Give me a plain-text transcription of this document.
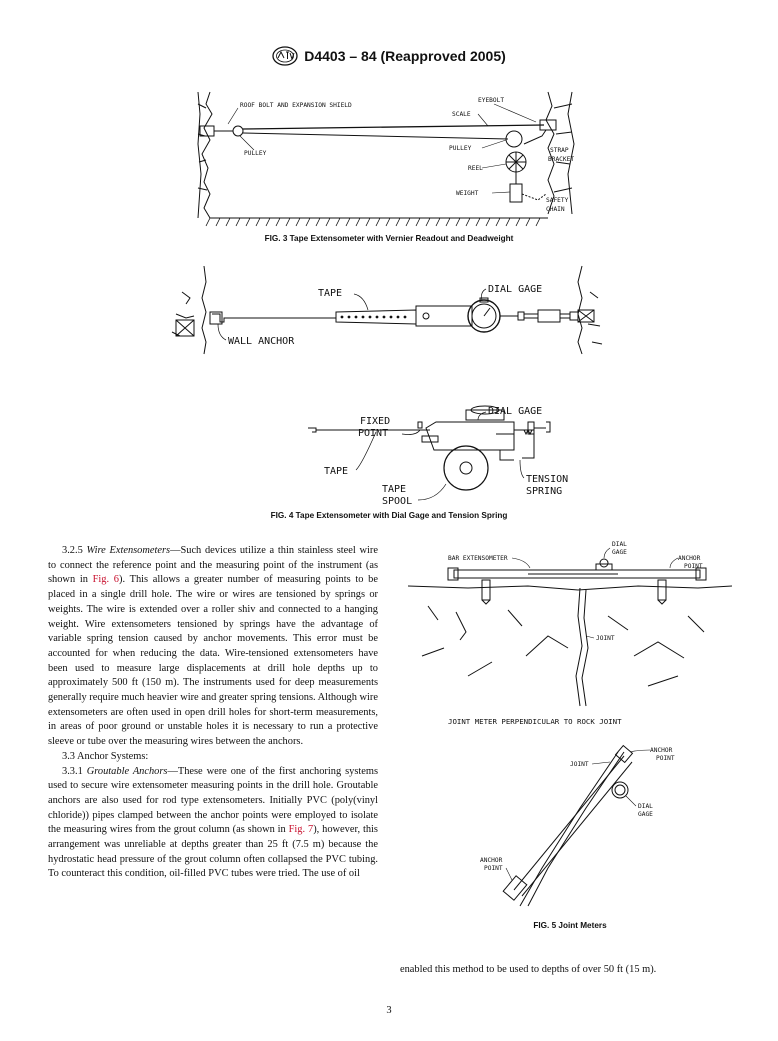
D4403 – 84 (Reapproved 2005)
ROOF BOLT AND EXPANSION SHIELD
EYEBOLT
SCALE
PULLEY
PULLEY	STRAP
BRACKET
REEL
WEIGHT
SAFETY
CHAIN
FIG. 3 Tape Extensometer with Vernier Readout and Deadweight
TAPE	DIAL GAGE
WALL ANCHOR
DIAL GAGE
FIXED
POINT
TAPE
TAPE
SPOOL
TENSION
SPRING
FIG. 4 Tape Extensometer with Dial Gage and Tension Spring

3.2.5 Wire Extensometers—Such devices utilize a thin stainless steel wire to connect the reference point and the measuring point of the instrument (as shown in Fig. 6). This allows a greater number of measuring points to be placed in a single drill hole. The wire or wires are tensioned by springs or weights. The wire is extended over a roller shiv and connected to a hanging weight. Wire extensometers tensioned by springs have the advantage of variable spring tension caused by anchor movements. This error must be accounted for when reducing the data. Wire-tensioned extensometers have been used to measure large displacements at drill hole depths up to approximately 500 ft (150 m). The instruments used for deep measurements generally require much heavier wire and greater spring tensions. Although wire extensometers are often used in open drill holes for short-term measurements, in areas of poor ground or unstable holes it is necessary to run a protective sleeve or tube over the measuring wires between the anchors.

3.3 Anchor Systems:

3.3.1 Groutable Anchors—These were one of the first anchoring systems used to secure wire extensometer measuring points in the drill hole. Groutable anchors are also used for rod type extensometers. Initially PVC (poly(vinyl chloride)) pipes clamped between the anchor points were employed to isolate the measuring wires from the grout column (as shown in Fig. 7), however, this arrangement was unreliable at depths greater than 25 ft (7.5 m) because the hydrostatic head pressure of the grout column often collapsed the PVC tubing. To counteract this condition, oil-filled PVC tubes were tried. The use of oil

BAR EXTENSOMETER
DIAL
GAGE
ANCHOR
POINT
JOINT
JOINT METER PERPENDICULAR TO ROCK JOINT
JOINT
ANCHOR
POINT
DIAL
GAGE
ANCHOR
POINT
FIG. 5 Joint Meters

enabled this method to be used to depths of over 50 ft (15 m).

3
